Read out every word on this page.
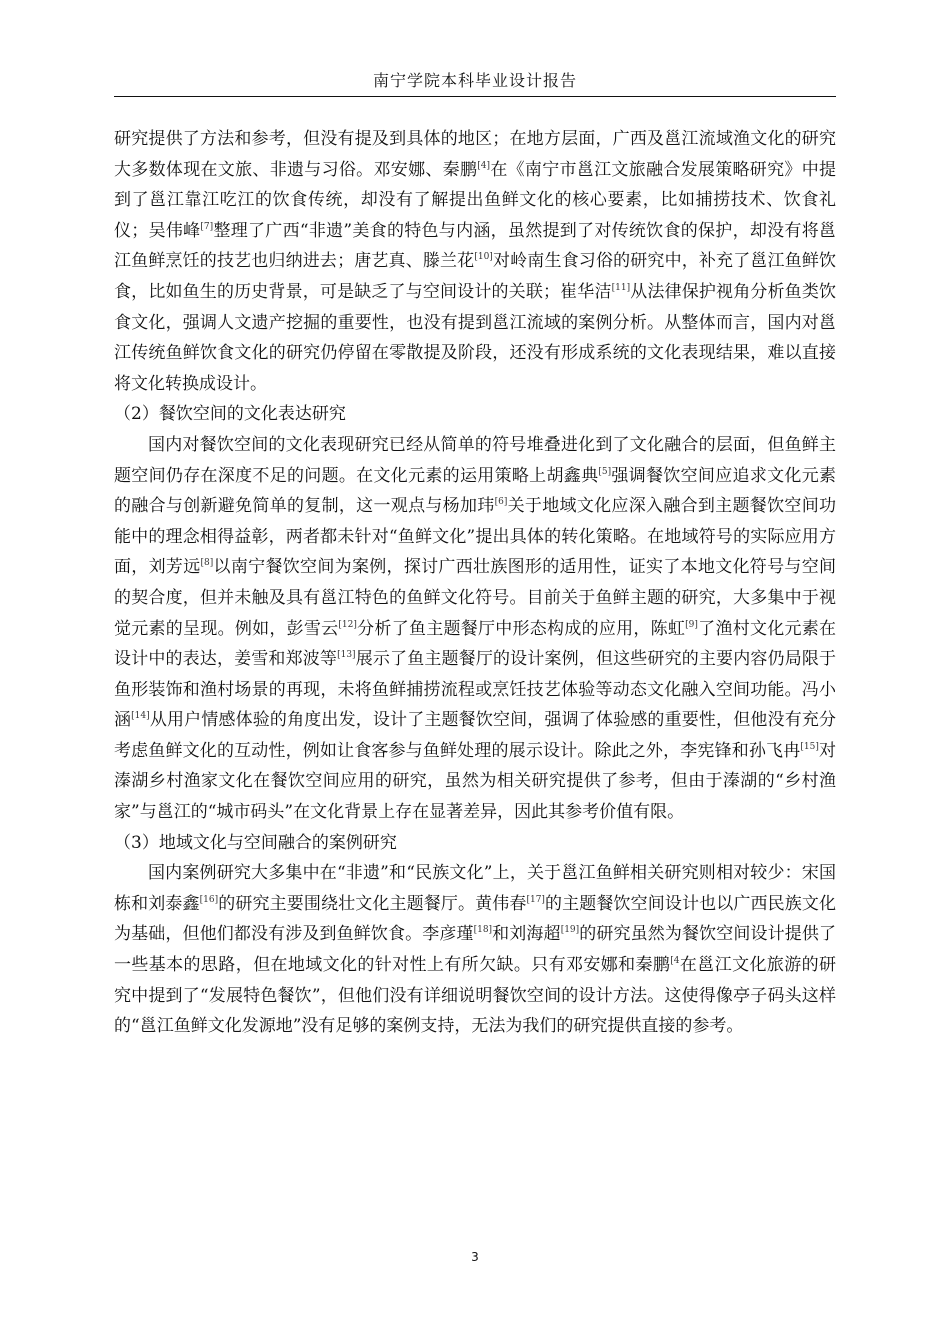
南宁学院本科毕业设计报告

研究提供了方法和参考，但没有提及到具体的地区；在地方层面，广西及邕江流域渔文化的研究大多数体现在文旅、非遗与习俗。邓安娜、秦鹏[4]在《南宁市邕江文旅融合发展策略研究》中提到了邕江靠江吃江的饮食传统，却没有了解提出鱼鲜文化的核心要素，比如捕捞技术、饮食礼仪；吴伟峰[7]整理了广西“非遗”美食的特色与内涵，虽然提到了对传统饮食的保护，却没有将邕江鱼鲜烹饪的技艺也归纳进去；唐艺真、滕兰花[10]对岭南生食习俗的研究中，补充了邕江鱼鲜饮食，比如鱼生的历史背景，可是缺乏了与空间设计的关联；崔华洁[11]从法律保护视角分析鱼类饮食文化，强调人文遗产挖掘的重要性，也没有提到邕江流域的案例分析。从整体而言，国内对邕江传统鱼鲜饮食文化的研究仍停留在零散提及阶段，还没有形成系统的文化表现结果，难以直接将文化转换成设计。

（2）餐饮空间的文化表达研究

国内对餐饮空间的文化表现研究已经从简单的符号堆叠进化到了文化融合的层面，但鱼鲜主题空间仍存在深度不足的问题。在文化元素的运用策略上胡鑫典[5]强调餐饮空间应追求文化元素的融合与创新避免简单的复制，这一观点与杨加玮[6]关于地域文化应深入融合到主题餐饮空间功能中的理念相得益彰，两者都未针对“鱼鲜文化”提出具体的转化策略。在地域符号的实际应用方面，刘芳远[8]以南宁餐饮空间为案例，探讨广西壮族图形的适用性，证实了本地文化符号与空间的契合度，但并未触及具有邕江特色的鱼鲜文化符号。目前关于鱼鲜主题的研究，大多集中于视觉元素的呈现。例如，彭雪云[12]分析了鱼主题餐厅中形态构成的应用，陈虹[9]了渔村文化元素在设计中的表达，姜雪和郑波等[13]展示了鱼主题餐厅的设计案例，但这些研究的主要内容仍局限于鱼形装饰和渔村场景的再现，未将鱼鲜捕捞流程或烹饪技艺体验等动态文化融入空间功能。冯小涵[14]从用户情感体验的角度出发，设计了主题餐饮空间，强调了体验感的重要性，但他没有充分考虑鱼鲜文化的互动性，例如让食客参与鱼鲜处理的展示设计。除此之外，李宪锋和孙飞冉[15]对溱湖乡村渔家文化在餐饮空间应用的研究，虽然为相关研究提供了参考，但由于溱湖的“乡村渔家”与邕江的“城市码头”在文化背景上存在显著差异，因此其参考价值有限。

（3）地域文化与空间融合的案例研究

国内案例研究大多集中在“非遗”和“民族文化”上，关于邕江鱼鲜相关研究则相对较少：宋国栋和刘泰鑫[16]的研究主要围绕壮文化主题餐厅。黄伟春[17]的主题餐饮空间设计也以广西民族文化为基础，但他们都没有涉及到鱼鲜饮食。李彦瑾[18]和刘海超[19]的研究虽然为餐饮空间设计提供了一些基本的思路，但在地域文化的针对性上有所欠缺。只有邓安娜和秦鹏$^{[4}$在邕江文化旅游的研究中提到了“发展特色餐饮”，但他们没有详细说明餐饮空间的设计方法。这使得像亭子码头这样的“邕江鱼鲜文化发源地”没有足够的案例支持，无法为我们的研究提供直接的参考。

3
